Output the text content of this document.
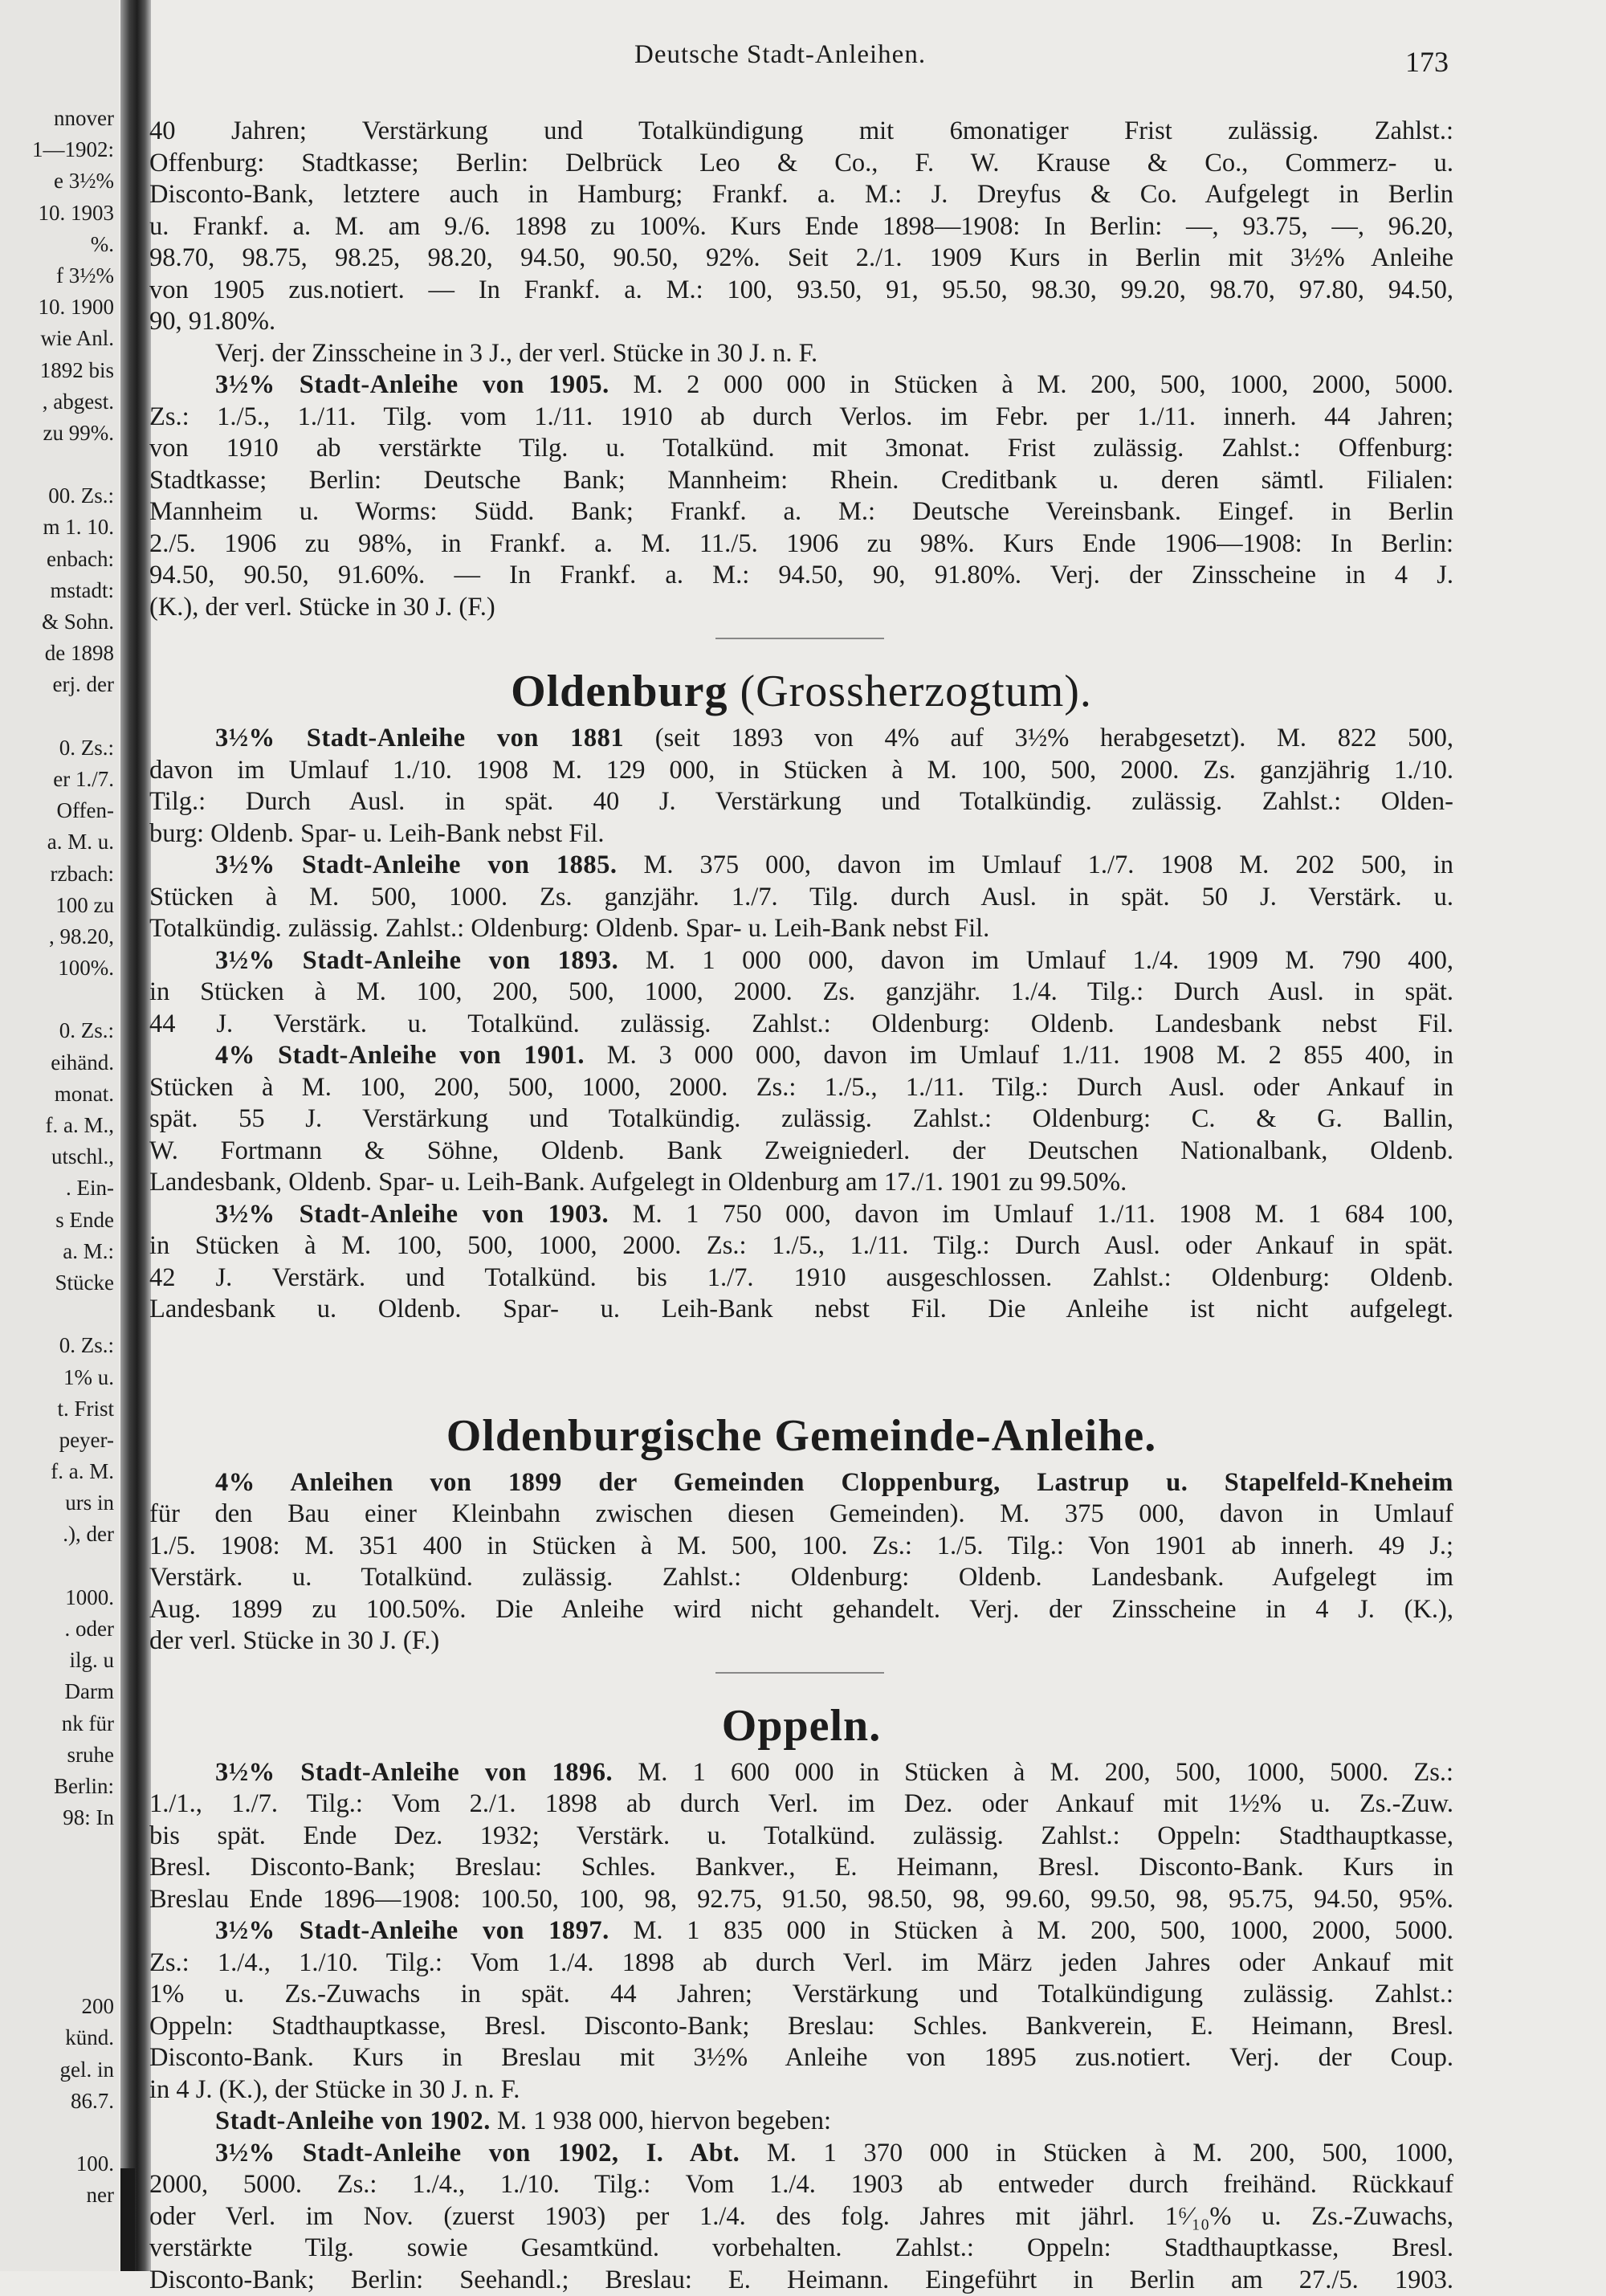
nnover
1—1902:
e 3½%
10. 1903
%.
f 3½%
10. 1900
wie Anl.
1892 bis
, abgest.
zu 99%.
00. Zs.:
m 1. 10.
enbach:
mstadt:
& Sohn.
de 1898
erj. der
0. Zs.:
er 1./7.
Offen-
a. M. u.
rzbach:
100 zu
, 98.20,
100%.
0. Zs.:
eihänd.
monat.
f. a. M.,
utschl.,
. Ein-
s Ende
a. M.:
Stücke
0. Zs.:
1% u.
t. Frist
peyer-
f. a. M.
urs in
.), der
1000.
. oder
ilg. u
Darm
nk für
sruhe
Berlin:
98: In
200
künd.
gel. in
86.7.
100.
ner
Deutsche Stadt-Anleihen.	173
40 Jahren; Verstärkung und Totalkündigung mit 6monatiger Frist zulässig. Zahlst.:
Offenburg: Stadtkasse; Berlin: Delbrück Leo & Co., F. W. Krause & Co., Commerz- u.
Disconto-Bank, letztere auch in Hamburg; Frankf. a. M.: J. Dreyfus & Co. Aufgelegt in Berlin
u. Frankf. a. M. am 9./6. 1898 zu 100%. Kurs Ende 1898—1908: In Berlin: —, 93.75, —, 96.20,
98.70, 98.75, 98.25, 98.20, 94.50, 90.50, 92%. Seit 2./1. 1909 Kurs in Berlin mit 3½% Anleihe
von 1905 zus.notiert. — In Frankf. a. M.: 100, 93.50, 91, 95.50, 98.30, 99.20, 98.70, 97.80, 94.50,
90, 91.80%.
Verj. der Zinsscheine in 3 J., der verl. Stücke in 30 J. n. F.
3½% Stadt-Anleihe von 1905. M. 2 000 000 in Stücken à M. 200, 500, 1000, 2000, 5000.
Zs.: 1./5., 1./11. Tilg. vom 1./11. 1910 ab durch Verlos. im Febr. per 1./11. innerh. 44 Jahren;
von 1910 ab verstärkte Tilg. u. Totalkünd. mit 3monat. Frist zulässig. Zahlst.: Offenburg:
Stadtkasse; Berlin: Deutsche Bank; Mannheim: Rhein. Creditbank u. deren sämtl. Filialen:
Mannheim u. Worms: Südd. Bank; Frankf. a. M.: Deutsche Vereinsbank. Eingef. in Berlin
2./5. 1906 zu 98%, in Frankf. a. M. 11./5. 1906 zu 98%. Kurs Ende 1906—1908: In Berlin:
94.50, 90.50, 91.60%. — In Frankf. a. M.: 94.50, 90, 91.80%. Verj. der Zinsscheine in 4 J.
(K.), der verl. Stücke in 30 J. (F.)
Oldenburg (Grossherzogtum).
3½% Stadt-Anleihe von 1881 (seit 1893 von 4% auf 3½% herabgesetzt). M. 822 500,
davon im Umlauf 1./10. 1908 M. 129 000, in Stücken à M. 100, 500, 2000. Zs. ganzjährig 1./10.
Tilg.: Durch Ausl. in spät. 40 J. Verstärkung und Totalkündig. zulässig. Zahlst.: Olden-
burg: Oldenb. Spar- u. Leih-Bank nebst Fil.
3½% Stadt-Anleihe von 1885. M. 375 000, davon im Umlauf 1./7. 1908 M. 202 500, in
Stücken à M. 500, 1000. Zs. ganzjähr. 1./7. Tilg. durch Ausl. in spät. 50 J. Verstärk. u.
Totalkündig. zulässig. Zahlst.: Oldenburg: Oldenb. Spar- u. Leih-Bank nebst Fil.
3½% Stadt-Anleihe von 1893. M. 1 000 000, davon im Umlauf 1./4. 1909 M. 790 400,
in Stücken à M. 100, 200, 500, 1000, 2000. Zs. ganzjähr. 1./4. Tilg.: Durch Ausl. in spät.
44 J. Verstärk. u. Totalkünd. zulässig. Zahlst.: Oldenburg: Oldenb. Landesbank nebst Fil.
4% Stadt-Anleihe von 1901. M. 3 000 000, davon im Umlauf 1./11. 1908 M. 2 855 400, in
Stücken à M. 100, 200, 500, 1000, 2000. Zs.: 1./5., 1./11. Tilg.: Durch Ausl. oder Ankauf in
spät. 55 J. Verstärkung und Totalkündig. zulässig. Zahlst.: Oldenburg: C. & G. Ballin,
W. Fortmann & Söhne, Oldenb. Bank Zweigniederl. der Deutschen Nationalbank, Oldenb.
Landesbank, Oldenb. Spar- u. Leih-Bank. Aufgelegt in Oldenburg am 17./1. 1901 zu 99.50%.
3½% Stadt-Anleihe von 1903. M. 1 750 000, davon im Umlauf 1./11. 1908 M. 1 684 100,
in Stücken à M. 100, 500, 1000, 2000. Zs.: 1./5., 1./11. Tilg.: Durch Ausl. oder Ankauf in spät.
42 J. Verstärk. und Totalkünd. bis 1./7. 1910 ausgeschlossen. Zahlst.: Oldenburg: Oldenb.
Landesbank u. Oldenb. Spar- u. Leih-Bank nebst Fil. Die Anleihe ist nicht aufgelegt.
Oldenburgische Gemeinde-Anleihe.
4% Anleihen von 1899 der Gemeinden Cloppenburg, Lastrup u. Stapelfeld-Kneheim
für den Bau einer Kleinbahn zwischen diesen Gemeinden). M. 375 000, davon in Umlauf
1./5. 1908: M. 351 400 in Stücken à M. 500, 100. Zs.: 1./5. Tilg.: Von 1901 ab innerh. 49 J.;
Verstärk. u. Totalkünd. zulässig. Zahlst.: Oldenburg: Oldenb. Landesbank. Aufgelegt im
Aug. 1899 zu 100.50%. Die Anleihe wird nicht gehandelt. Verj. der Zinsscheine in 4 J. (K.),
der verl. Stücke in 30 J. (F.)
Oppeln.
3½% Stadt-Anleihe von 1896. M. 1 600 000 in Stücken à M. 200, 500, 1000, 5000. Zs.:
1./1., 1./7. Tilg.: Vom 2./1. 1898 ab durch Verl. im Dez. oder Ankauf mit 1½% u. Zs.-Zuw.
bis spät. Ende Dez. 1932; Verstärk. u. Totalkünd. zulässig. Zahlst.: Oppeln: Stadthauptkasse,
Bresl. Disconto-Bank; Breslau: Schles. Bankver., E. Heimann, Bresl. Disconto-Bank. Kurs in
Breslau Ende 1896—1908: 100.50, 100, 98, 92.75, 91.50, 98.50, 98, 99.60, 99.50, 98, 95.75, 94.50, 95%.
3½% Stadt-Anleihe von 1897. M. 1 835 000 in Stücken à M. 200, 500, 1000, 2000, 5000.
Zs.: 1./4., 1./10. Tilg.: Vom 1./4. 1898 ab durch Verl. im März jeden Jahres oder Ankauf mit
1% u. Zs.-Zuwachs in spät. 44 Jahren; Verstärkung und Totalkündigung zulässig. Zahlst.:
Oppeln: Stadthauptkasse, Bresl. Disconto-Bank; Breslau: Schles. Bankverein, E. Heimann, Bresl.
Disconto-Bank. Kurs in Breslau mit 3½% Anleihe von 1895 zus.notiert. Verj. der Coup.
in 4 J. (K.), der Stücke in 30 J. n. F.
Stadt-Anleihe von 1902. M. 1 938 000, hiervon begeben:
3½% Stadt-Anleihe von 1902, I. Abt. M. 1 370 000 in Stücken à M. 200, 500, 1000,
2000, 5000. Zs.: 1./4., 1./10. Tilg.: Vom 1./4. 1903 ab entweder durch freihänd. Rückkauf
oder Verl. im Nov. (zuerst 1903) per 1./4. des folg. Jahres mit jährl. 1⁶⁄₁₀% u. Zs.-Zuwachs,
verstärkte Tilg. sowie Gesamtkünd. vorbehalten. Zahlst.: Oppeln: Stadthauptkasse, Bresl.
Disconto-Bank; Berlin: Seehandl.; Breslau: E. Heimann. Eingeführt in Berlin am 27./5. 1903.
